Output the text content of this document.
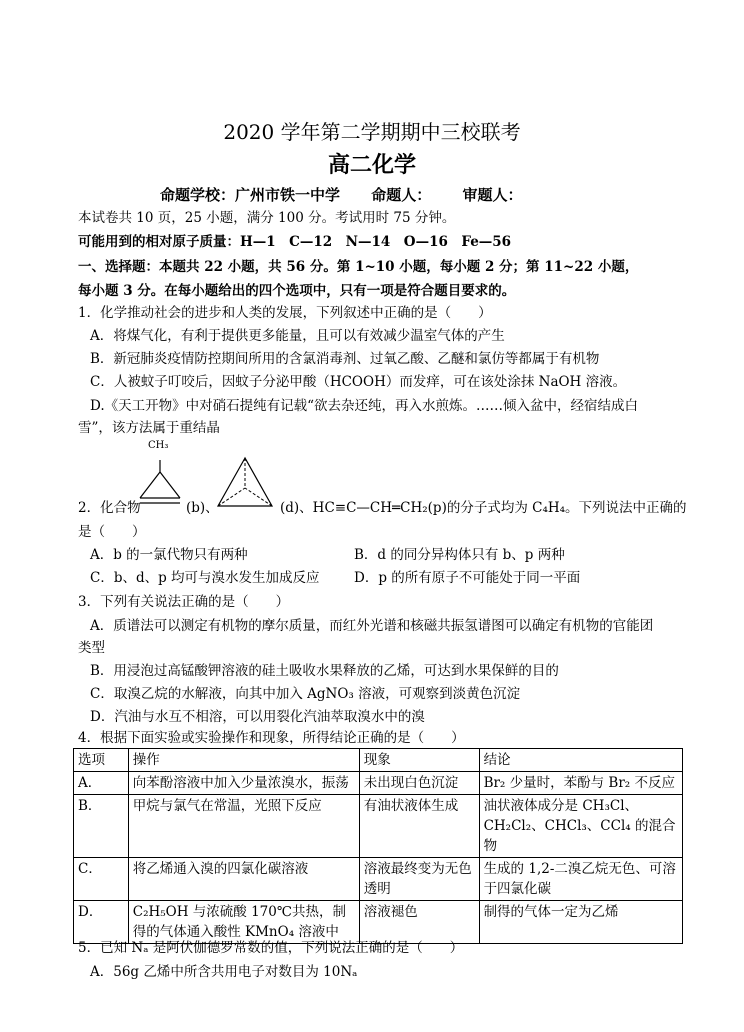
2020 学年第二学期期中三校联考
高二化学
命题学校：广州市铁一中学 命题人： 审题人：
本试卷共 10 页，25 小题，满分 100 分。考试用时 75 分钟。
可能用到的相对原子质量：H—1　C—12　N—14　O—16　Fe—56
一、选择题：本题共 22 小题，共 56 分。第 1~10 小题，每小题 2 分；第 11~22 小题，
每小题 3 分。在每小题给出的四个选项中，只有一项是符合题目要求的。
1．化学推动社会的进步和人类的发展，下列叙述中正确的是（　　）
A．将煤气化，有利于提供更多能量，且可以有效减少温室气体的产生
B．新冠肺炎疫情防控期间所用的含氯消毒剂、过氧乙酸、乙醚和氯仿等都属于有机物
C．人被蚊子叮咬后，因蚊子分泌甲酸（HCOOH）而发痒，可在该处涂抹 NaOH 溶液。
D.《天工开物》中对硝石提纯有记载“欲去杂还纯，再入水煎炼。……倾入盆中，经宿结成白
雪”，该方法属于重结晶
CH₃
2．化合物	(b)、	(d)、HC≡C—CH═CH₂(p)的分子式均为 C₄H₄。下列说法中正确的
是（　　）
A．b 的一氯代物只有两种	B．d 的同分异构体只有 b、p 两种
C．b、d、p 均可与溴水发生加成反应	D．p 的所有原子不可能处于同一平面
3．下列有关说法正确的是（　　）
A．质谱法可以测定有机物的摩尔质量，而红外光谱和核磁共振氢谱图可以确定有机物的官能团
类型
B．用浸泡过高锰酸钾溶液的硅土吸收水果释放的乙烯，可达到水果保鲜的目的
C．取溴乙烷的水解液，向其中加入 AgNO₃ 溶液，可观察到淡黄色沉淀
D．汽油与水互不相溶，可以用裂化汽油萃取溴水中的溴
4．根据下面实验或实验操作和现象，所得结论正确的是（　　）
选项	操作	现象	结论
A．	向苯酚溶液中加入少量浓溴水，振荡	未出现白色沉淀	Br₂ 少量时，苯酚与 Br₂ 不反应
B．	甲烷与氯气在常温，光照下反应	有油状液体生成	油状液体成分是 CH₃Cl、CH₂Cl₂、CHCl₃、CCl₄ 的混合物
C．	将乙烯通入溴的四氯化碳溶液	溶液最终变为无色透明	生成的 1,2-二溴乙烷无色、可溶于四氯化碳
D．	C₂H₅OH 与浓硫酸 170℃共热，制得的气体通入酸性 KMnO₄ 溶液中	溶液褪色	制得的气体一定为乙烯
5．已知 Nₐ 是阿伏伽德罗常数的值，下列说法正确的是（　　）
A．56g 乙烯中所含共用电子对数目为 10Nₐ
